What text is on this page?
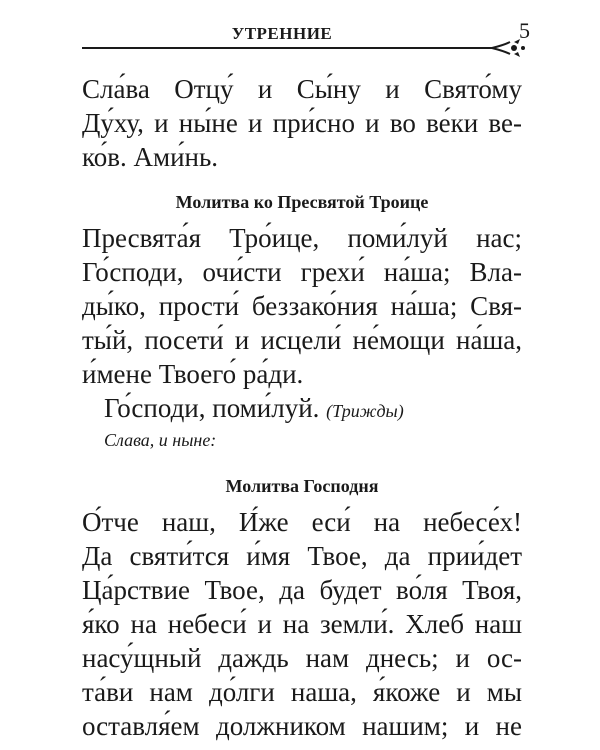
УТРЕННИЕ	5
Сла́ва Отцу́ и Сы́ну и Свято́му
Ду́ху, и ны́не и при́сно и во ве́ки ве-
ко́в. Ами́нь.
Молитва ко Пресвятой Троице
Пресвята́я Тро́ице, поми́луй нас;
Го́споди, очи́сти грехи́ на́ша; Вла-
ды́ко, прости́ беззако́ния на́ша; Свя-
ты́й, посети́ и исцели́ не́мощи на́ша,
и́мене Твоего́ ра́ди.
Го́споди, поми́луй. (Трижды)
Слава, и ныне:
Молитва Господня
О́тче наш, И́же еси́ на небесе́х!
Да святи́тся и́мя Твое, да прии́дет
Ца́рствие Твое, да будет во́ля Твоя,
я́ко на небеси́ и на земли́. Хлеб наш
насу́щный даждь нам днесь; и ос-
та́ви нам до́лги наша, я́коже и мы
оставля́ем должником нашим; и не
